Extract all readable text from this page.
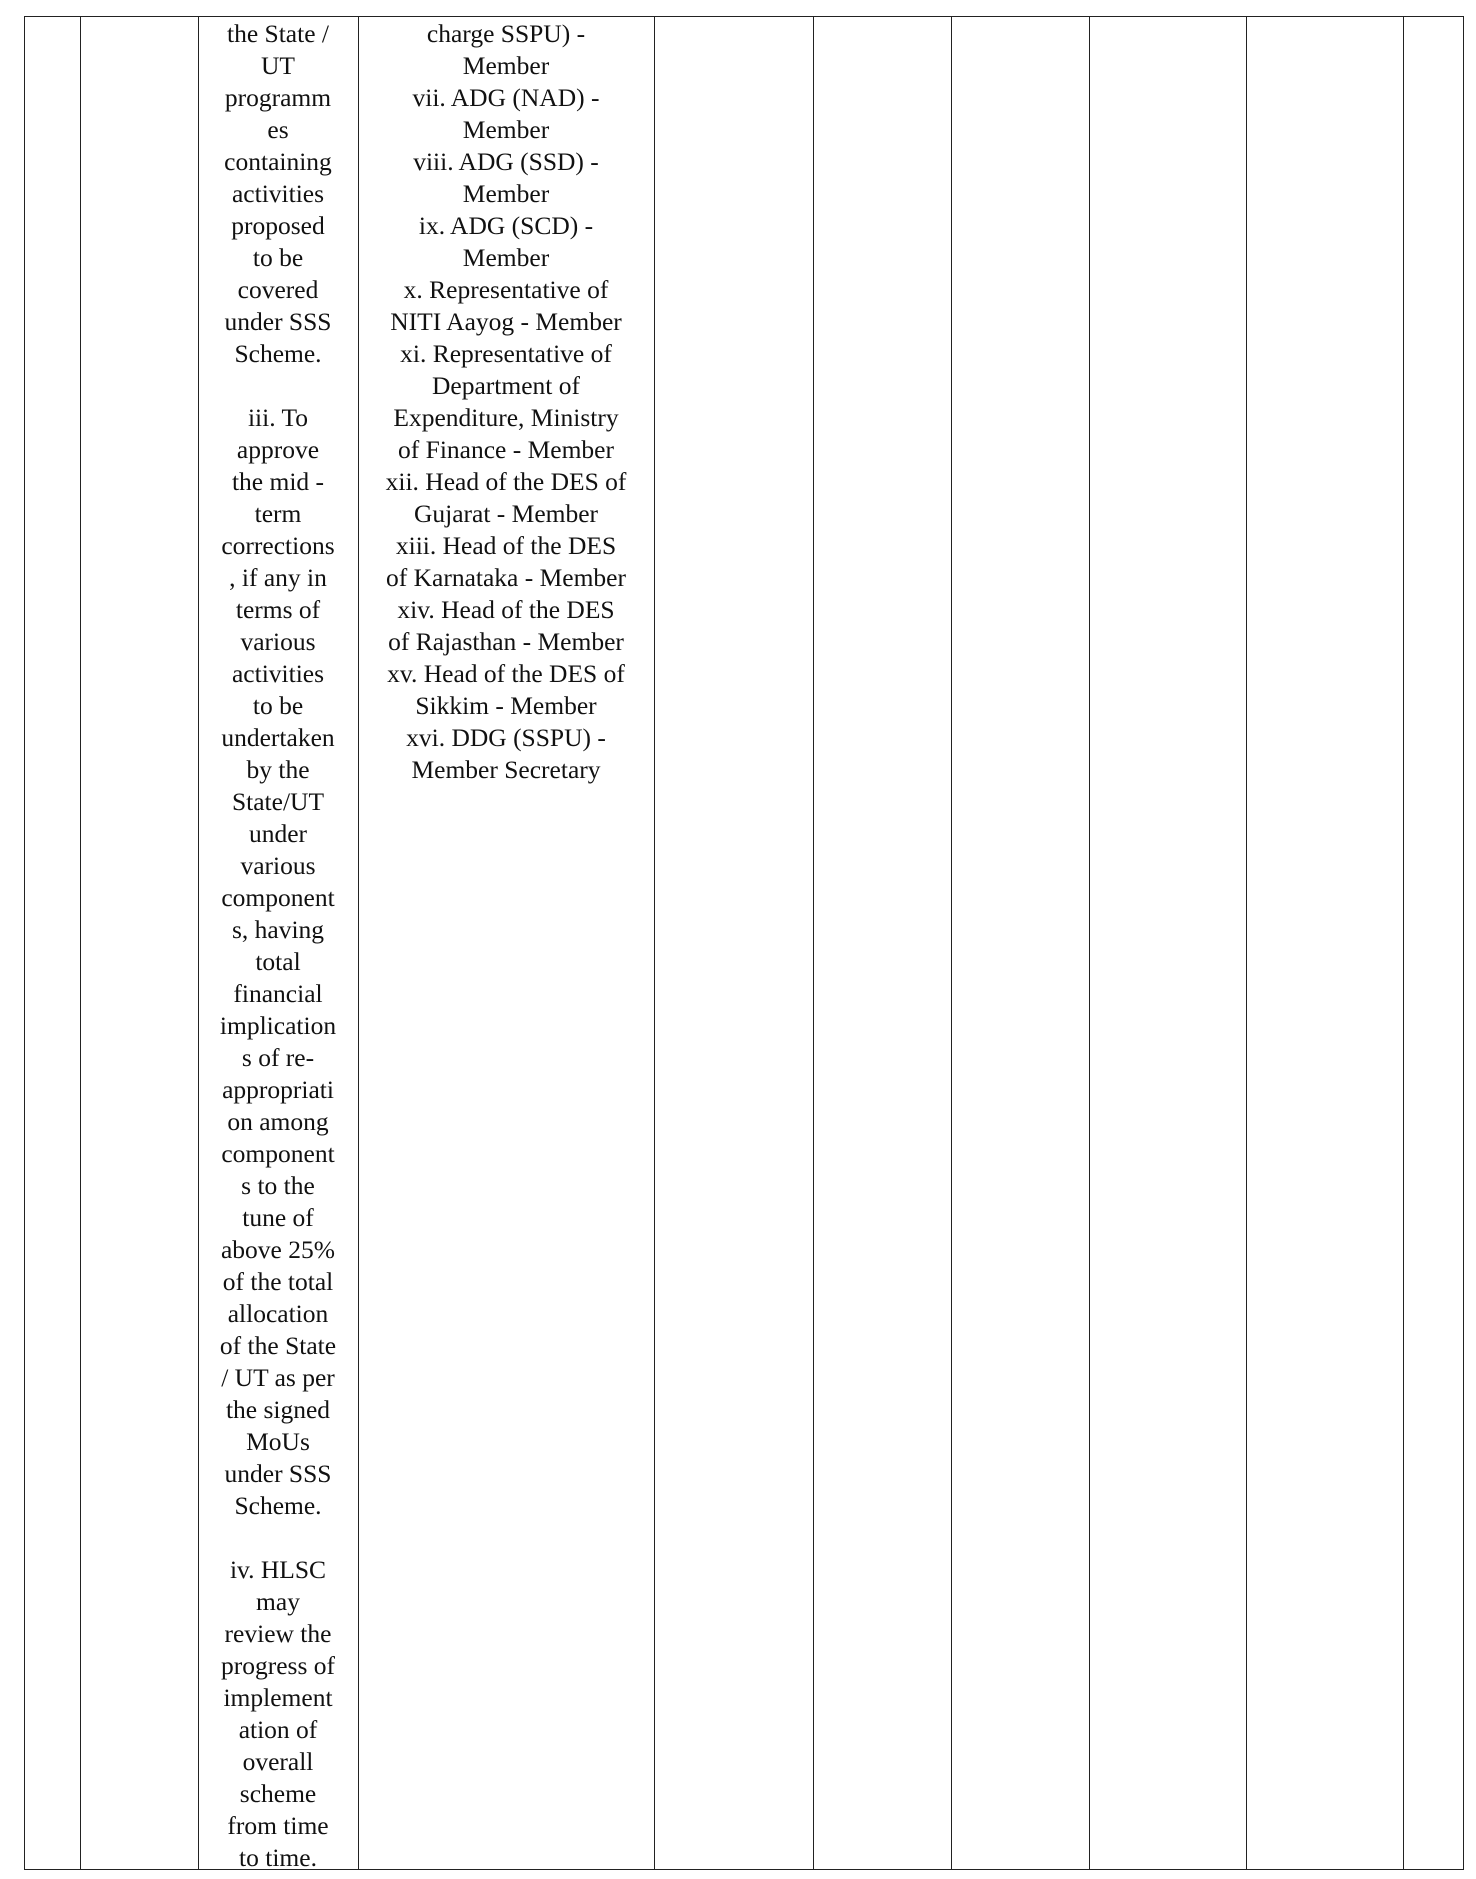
the State /
UT
programm
es
containing
activities
proposed
to be
covered
under SSS
Scheme.

iii. To
approve
the mid -
term
corrections
, if any in
terms of
various
activities
to be
undertaken
by the
State/UT
under
various
component
s, having
total
financial
implication
s of re-
appropriati
on among
component
s to the
tune of
above 25%
of the total
allocation
of the State
/ UT as per
the signed
MoUs
under SSS
Scheme.

iv. HLSC
may
review the
progress of
implement
ation of
overall
scheme
from time
to time.
charge SSPU) -
Member
vii. ADG (NAD) -
Member
viii. ADG (SSD) -
Member
ix. ADG (SCD) -
Member
x. Representative of
NITI Aayog - Member
xi. Representative of
Department of
Expenditure, Ministry
of Finance - Member
xii. Head of the DES of
Gujarat - Member
xiii. Head of the DES
of Karnataka - Member
xiv. Head of the DES
of Rajasthan - Member
xv. Head of the DES of
Sikkim - Member
xvi. DDG (SSPU) -
Member Secretary
